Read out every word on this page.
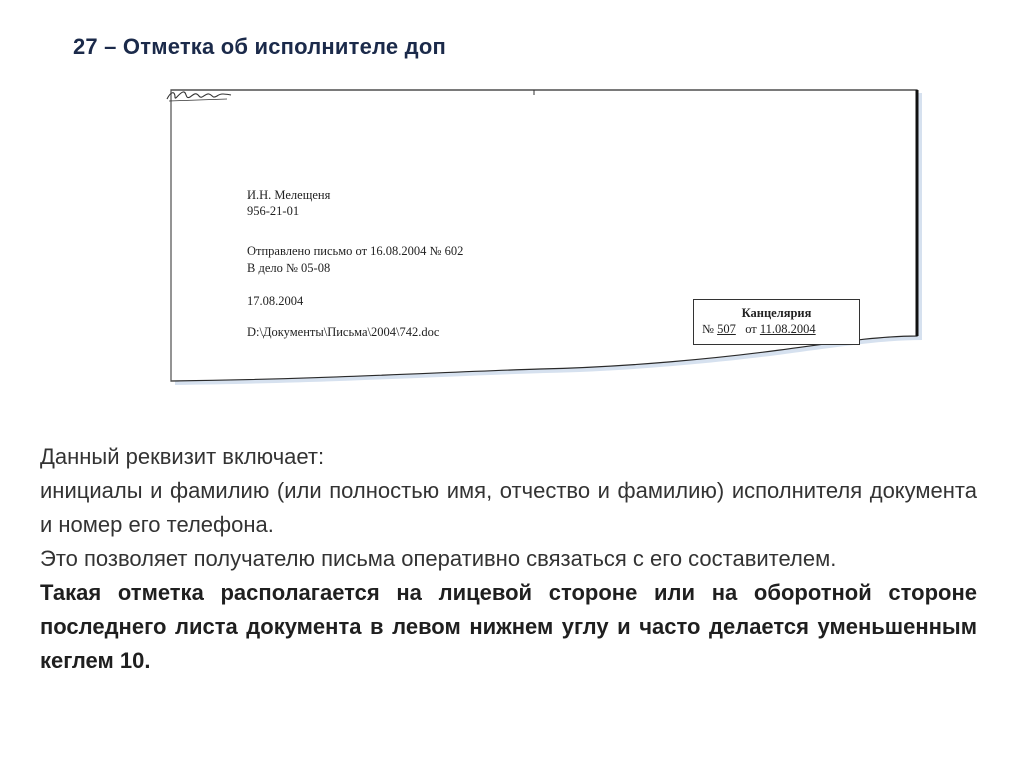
27 – Отметка об исполнителе доп
И.Н. Мелещеня
956-21-01
Отправлено письмо от 16.08.2004 № 602
В дело № 05-08
17.08.2004
D:\Документы\Письма\2004\742.doc
Канцелярия
№ 507 от 11.08.2004

Данный реквизит включает:

инициалы и фамилию (или полностью имя, отчество и фамилию) исполнителя документа и номер его телефона.

Это позволяет получателю письма оперативно связаться с его составителем.

Такая отметка располагается на лицевой стороне или на оборотной стороне последнего листа документа в левом нижнем углу и часто делается уменьшенным кеглем 10.
